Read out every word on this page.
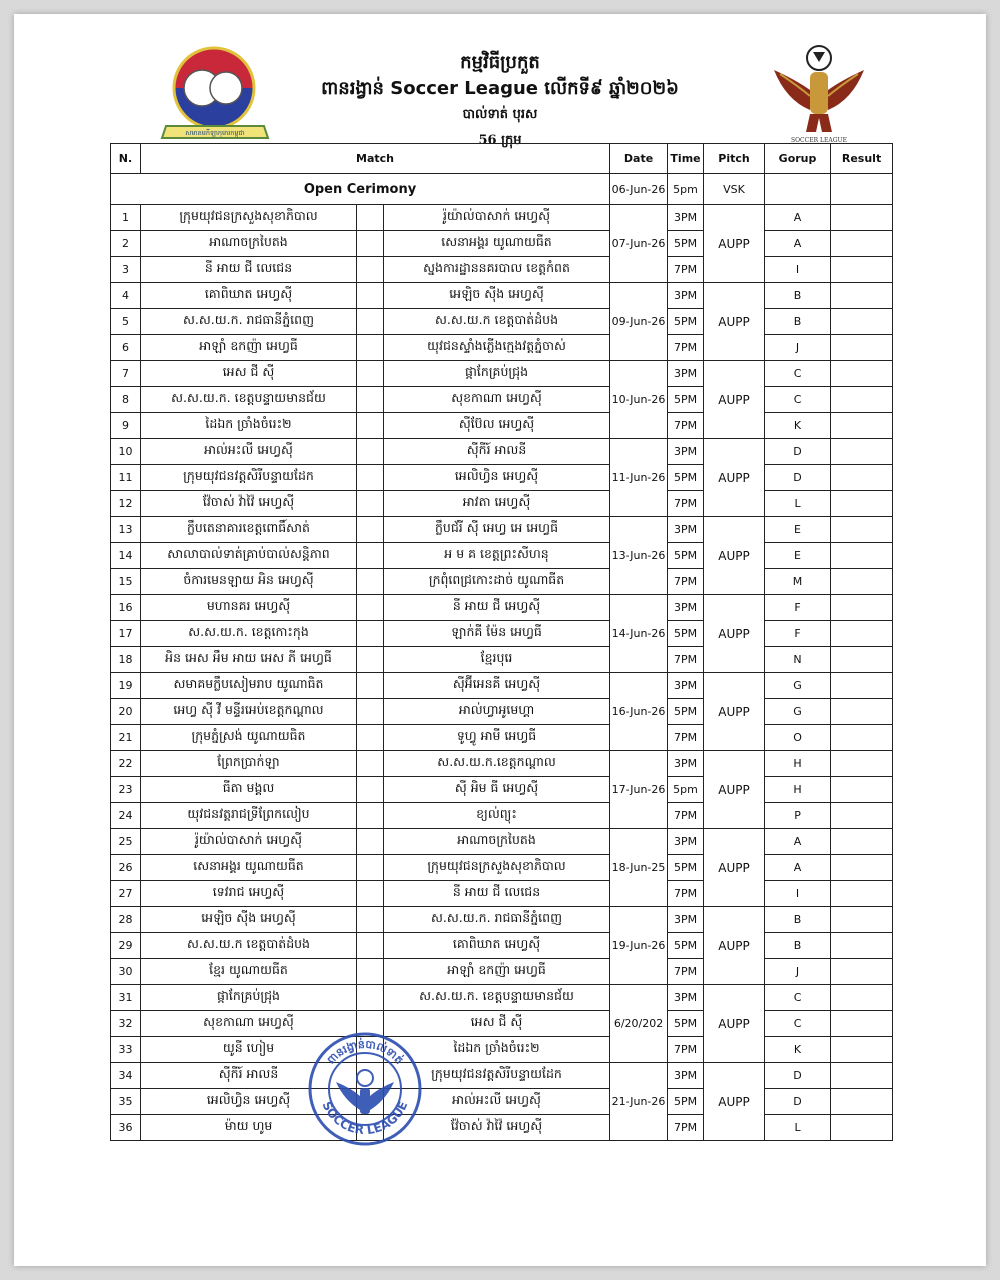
សមាគមកីឡាកុមារកម្ពុជា
SOCCER LEAGUE
កម្មវិធីប្រកួត
ពានរង្វាន់ Soccer League លើកទី៩ ឆ្នាំ២០២៦
បាល់ទាត់ បុរស
56 ក្រុម
N.	Match			Date	Time	Pitch	Gorup	Result
Open Cerimony				06-Jun-26	5pm	VSK		
1	ក្រុមយុវជនក្រសួងសុខាភិបាល		រ៉ូយ៉ាល់បាសាក់ អេហ្វស៊ី	07-Jun-26	3PM	AUPP	A	
2	អាណាចក្របៃតង		សេនាអង្គរ យូណាយធីត		5PM		A	
3	នី អាយ ជី លេជេន		ស្នងការដ្ឋាននគរបាល ខេត្តកំពត		7PM		I	
4	គោពិឃាត អេហ្វស៊ី		អេឡិច ស៊ីង អេហ្វស៊ី	09-Jun-26	3PM	AUPP	B	
5	ស.ស.យ.ក. រាជធានីភ្នំពេញ		ស.ស.យ.ក ខេត្តបាត់ដំបង		5PM		B	
6	អាឡាំ ឧកញ៉ា អេហ្វធី		យុវជនស្ទាំងភ្លើងក្មេងវត្តភ្នំចាស់		7PM		J	
7	អេស ជី ស៊ី		ផ្កាកែគ្រប់ជ្រុង	10-Jun-26	3PM	AUPP	C	
8	ស.ស.យ.ក. ខេត្តបន្ទាយមានជ័យ		សុខកាណា អេហ្វស៊ី		5PM		C	
9	ដៃឯក ច្រាំងចំរេះ២		ស៊ីប៊ែល អេហ្វស៊ី		7PM		K	
10	អាល់អះលី អេហ្វស៊ី		ស៊ីកីរ៍ អាលនី	11-Jun-26	3PM	AUPP	D	
11	ក្រុមយុវជនវត្តសិរីបន្ទាយដែក		អេលិហ្វិន អេហ្វស៊ី		5PM		D	
12	វ៉ែចាស់ វ៉ាវ៉ៃ អេហ្វស៊ី		អាវតា អេហ្វស៊ី		7PM		L	
13	ក្លឹបតេនាគារខេត្តពោធិ៍សាត់		ក្លឹបជ័រី ស៊ី អេហ្វ អេ អេហ្វធី	13-Jun-26	3PM	AUPP	E	
14	សាលាបាល់ទាត់គ្រាប់បាល់សន្តិភាព		អ ម គ ខេត្តព្រះសីហនុ		5PM		E	
15	ចំការមេនឡាយ អិន អេហ្វស៊ី		ក្រពុំពេជ្រកោះដាច់ យូណាធីត		7PM		M	
16	មហានគរ អេហ្វស៊ី		នី អាយ ជី អេហ្វស៊ី	14-Jun-26	3PM	AUPP	F	
17	ស.ស.យ.ក. ខេត្តកោះកុង		ឡាក់គី ម៉ែន អេហ្វធី		5PM		F	
18	អិន អេស អឹម អាយ អេស ភី អេហ្វធី		ខ្មែរបុរេ		7PM		N	
19	សមាគមក្លឹបសៀមរាប យូណាធិត		ស៊ីអ៊ីអេនគី អេហ្វស៊ី	16-Jun-26	3PM	AUPP	G	
20	អេហ្វ ស៊ី វី មន្ទីរអេប់ខេត្តកណ្តាល		អាល់ហ្វាអូមេហ្គា		5PM		G	
21	ក្រុមភ្នំស្រង់ យូណាយធិត		ទូហ្វូ អាមី អេហ្វធី		7PM		O	
22	ព្រែកប្រាក់ឡា		ស.ស.យ.ក.ខេត្តកណ្តាល	17-Jun-26	3PM	AUPP	H	
23	ធីតា មង្គល		ស៊ី អិម ធី អេហ្វស៊ី		5pm		H	
24	យុវជនវត្តរាជទ្រីព្រែកលៀប		ខ្យល់ព្យុះ		7PM		P	
25	រ៉ូយ៉ាល់បាសាក់ អេហ្វស៊ី		អាណាចក្របៃតង	18-Jun-25	3PM	AUPP	A	
26	សេនាអង្គរ យូណាយធីត		ក្រុមយុវជនក្រសួងសុខាភិបាល		5PM		A	
27	ទេវរាជ អេហ្វស៊ី		នី អាយ ជី លេជេន		7PM		I	
28	អេឡិច ស៊ីង អេហ្វស៊ី		ស.ស.យ.ក. រាជធានីភ្នំពេញ	19-Jun-26	3PM	AUPP	B	
29	ស.ស.យ.ក ខេត្តបាត់ដំបង		គោពិឃាត អេហ្វស៊ី		5PM		B	
30	ខ្មែរ យូណាយធីត		អាឡាំ ឧកញ៉ា អេហ្វធី		7PM		J	
31	ផ្កាកែគ្រប់ជ្រុង		ស.ស.យ.ក. ខេត្តបន្ទាយមានជ័យ	6/20/202	3PM	AUPP	C	
32	សុខកាណា អេហ្វស៊ី		អេស ជី ស៊ី		5PM		C	
33	យូនី ហៀម		ដៃឯក ច្រាំងចំរេះ២		7PM		K	
34	ស៊ីកីរ៍ អាលនី		ក្រុមយុវជនវត្តសិរីបន្ទាយដែក	21-Jun-26	3PM	AUPP	D	
35	អេលិហ្វិន អេហ្វស៊ី		អាល់អះលី អេហ្វស៊ី		5PM		D	
36	ម៉ាយ ហូម		វ៉ែចាស់ វ៉ាវ៉ៃ អេហ្វស៊ី		7PM		L	
ពានរង្វាន់បាល់ទាត់
SOCCER LEAGUE
